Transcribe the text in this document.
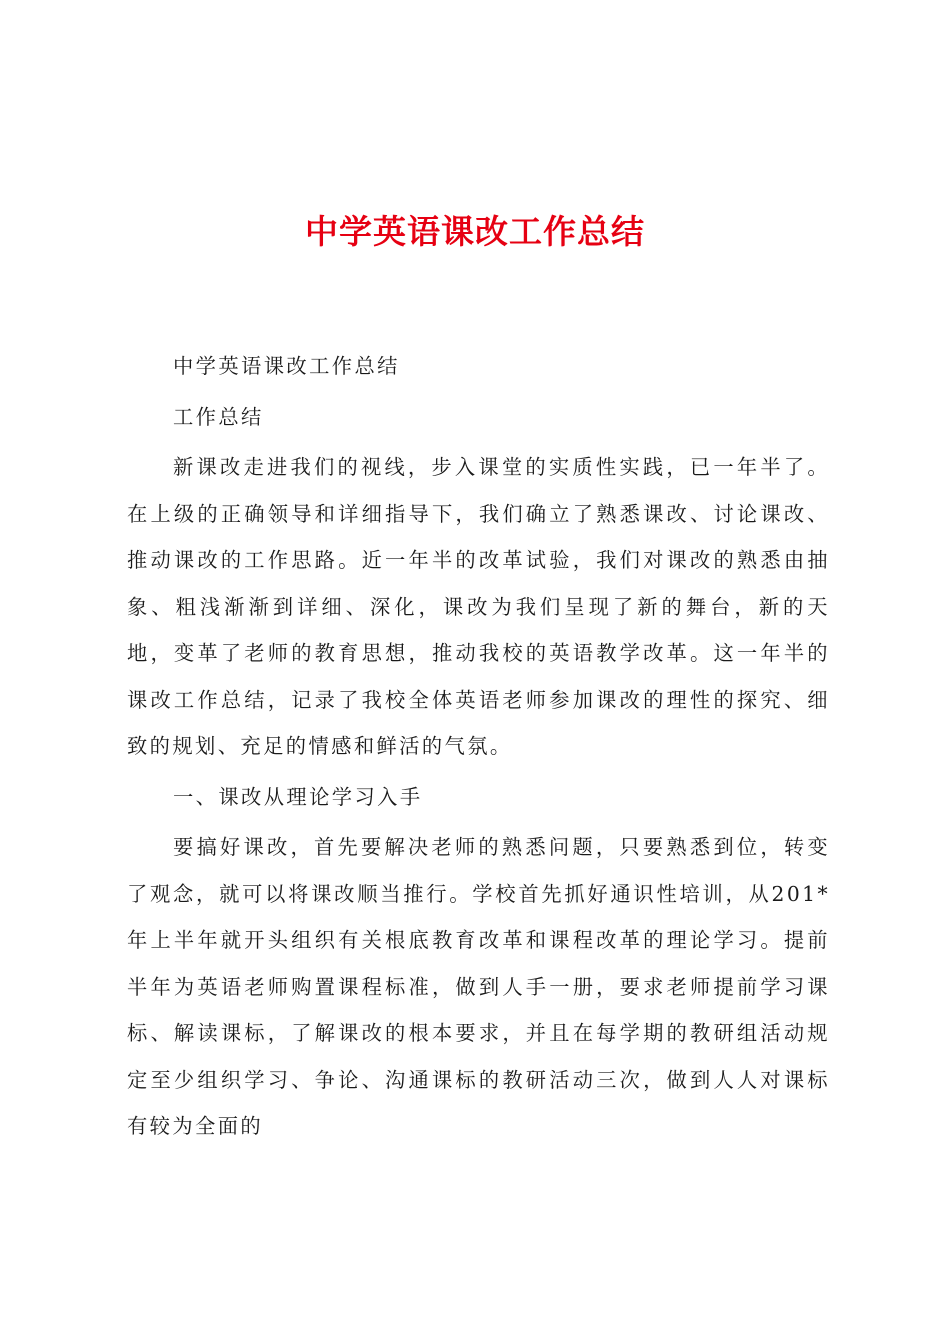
中学英语课改工作总结

中学英语课改工作总结

工作总结

新课改走进我们的视线，步入课堂的实质性实践，已一年半了。在上级的正确领导和详细指导下，我们确立了熟悉课改、讨论课改、推动课改的工作思路。近一年半的改革试验，我们对课改的熟悉由抽象、粗浅渐渐到详细、深化，课改为我们呈现了新的舞台，新的天地，变革了老师的教育思想，推动我校的英语教学改革。这一年半的课改工作总结，记录了我校全体英语老师参加课改的理性的探究、细致的规划、充足的情感和鲜活的气氛。

一、课改从理论学习入手

要搞好课改，首先要解决老师的熟悉问题，只要熟悉到位，转变了观念，就可以将课改顺当推行。学校首先抓好通识性培训，从201*年上半年就开头组织有关根底教育改革和课程改革的理论学习。提前半年为英语老师购置课程标准，做到人手一册，要求老师提前学习课标、解读课标，了解课改的根本要求，并且在每学期的教研组活动规定至少组织学习、争论、沟通课标的教研活动三次，做到人人对课标有较为全面的
